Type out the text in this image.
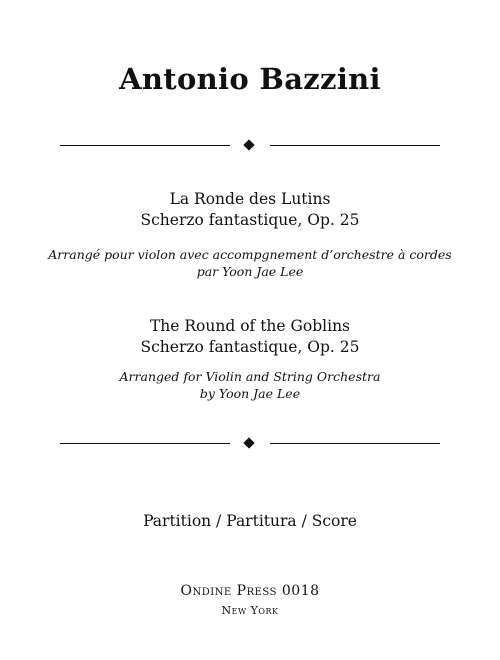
Antonio Bazzini
La Ronde des Lutins
Scherzo fantastique, Op. 25
Arrangé pour violon avec accompgnement d’orchestre à cordes
par Yoon Jae Lee
The Round of the Goblins
Scherzo fantastique, Op. 25
Arranged for Violin and String Orchestra
by Yoon Jae Lee
Partition / Partitura / Score
Ondine Press 0018
New York
